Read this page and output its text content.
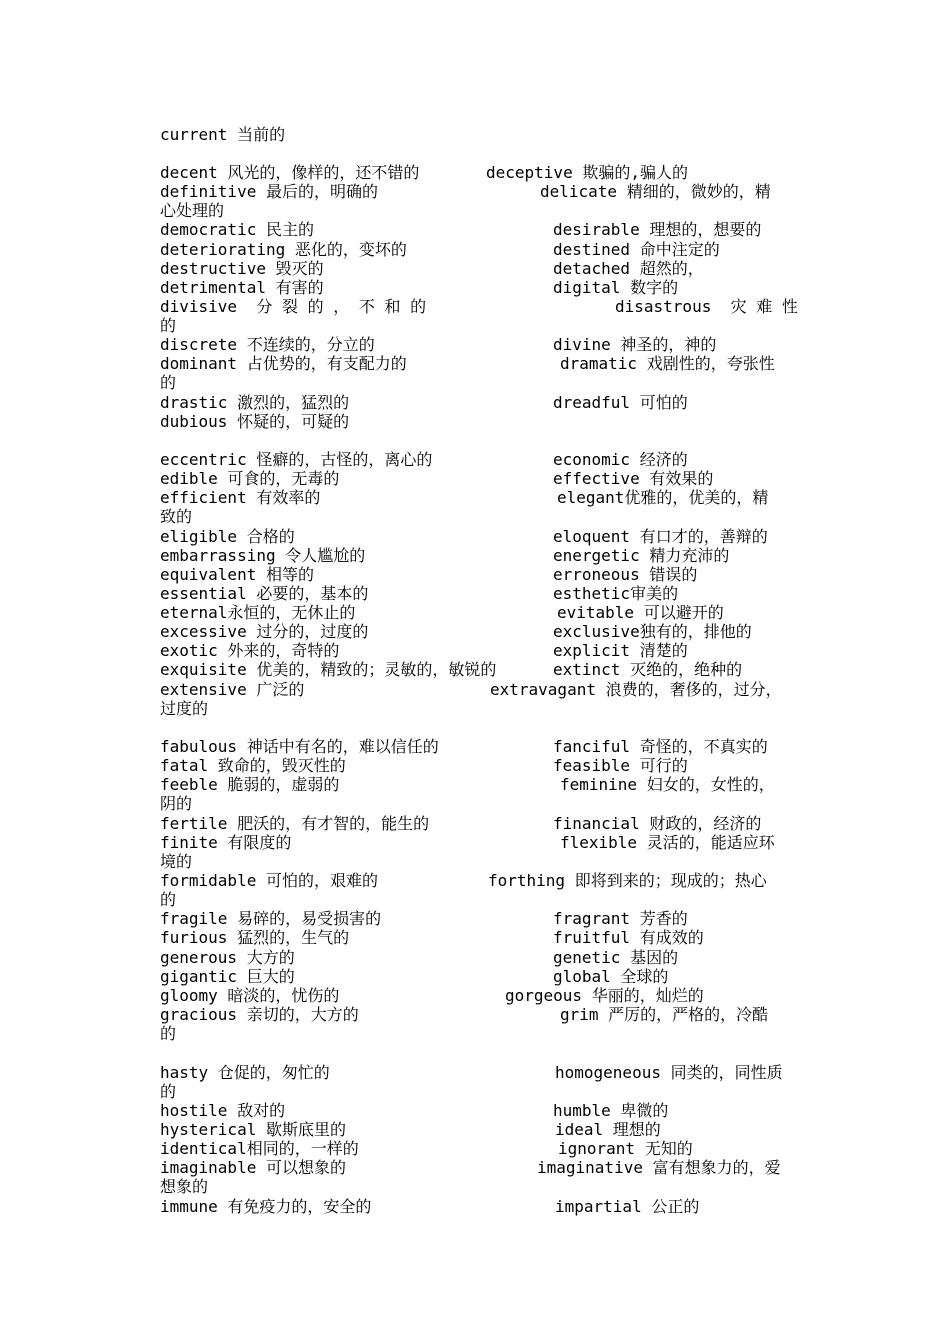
current 当前的
decent 风光的，像样的，还不错的	deceptive 欺骗的,骗人的
definitive 最后的，明确的	delicate 精细的，微妙的，精
心处理的
democratic 民主的	desirable 理想的，想要的
deteriorating 恶化的，变坏的	destined 命中注定的
destructive 毁灭的	detached 超然的，
detrimental 有害的	digital 数字的
divisive  分 裂 的 ， 不 和 的	disastrous  灾 难 性
的
discrete 不连续的，分立的	divine 神圣的，神的
dominant 占优势的，有支配力的	dramatic 戏剧性的，夸张性
的
drastic 激烈的，猛烈的	dreadful 可怕的
dubious 怀疑的，可疑的
eccentric 怪癖的，古怪的，离心的	economic 经济的
edible 可食的，无毒的	effective 有效果的
efficient 有效率的	elegant优雅的，优美的，精
致的
eligible 合格的	eloquent 有口才的，善辩的
embarrassing 令人尴尬的	energetic 精力充沛的
equivalent 相等的	erroneous 错误的
essential 必要的，基本的	esthetic审美的
eternal永恒的，无休止的	evitable 可以避开的
excessive 过分的，过度的	exclusive独有的，排他的
exotic 外来的，奇特的	explicit 清楚的
exquisite 优美的，精致的；灵敏的，敏锐的	extinct 灭绝的，绝种的
extensive 广泛的	extravagant 浪费的，奢侈的，过分，
过度的
fabulous 神话中有名的，难以信任的	fanciful 奇怪的，不真实的
fatal 致命的，毁灭性的	feasible 可行的
feeble 脆弱的，虚弱的	feminine 妇女的，女性的，
阴的
fertile 肥沃的，有才智的，能生的	financial 财政的，经济的
finite 有限度的	flexible 灵活的，能适应环
境的
formidable 可怕的，艰难的	forthing 即将到来的；现成的；热心
的
fragile 易碎的，易受损害的	fragrant 芳香的
furious 猛烈的，生气的	fruitful 有成效的
generous 大方的	genetic 基因的
gigantic 巨大的	global 全球的
gloomy 暗淡的，忧伤的	gorgeous 华丽的，灿烂的
gracious 亲切的，大方的	grim 严厉的，严格的，冷酷
的
hasty 仓促的，匆忙的	homogeneous 同类的，同性质
的
hostile 敌对的	humble 卑微的
hysterical 歇斯底里的	ideal 理想的
identical相同的，一样的	ignorant 无知的
imaginable 可以想象的	imaginative 富有想象力的，爱
想象的
immune 有免疫力的，安全的	impartial 公正的
